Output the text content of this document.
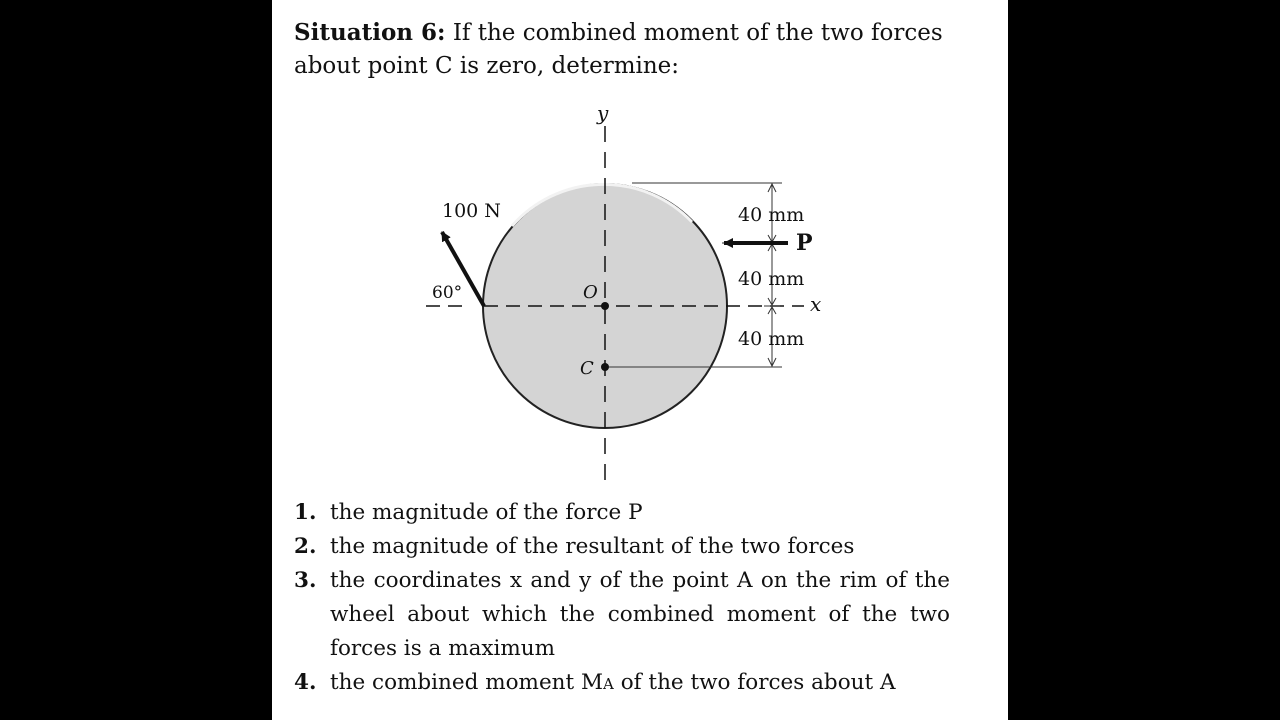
Situation 6: If the combined moment of the two forces about point C is zero, determine:
y
x
O
C
40 mm
40 mm
40 mm
P
100 N
60°
1. the magnitude of the force P
2. the magnitude of the resultant of the two forces
3. the coordinates x and y of the point A on the rim of the wheel about which the combined moment of the two forces is a maximum
4. the combined moment MA of the two forces about A
